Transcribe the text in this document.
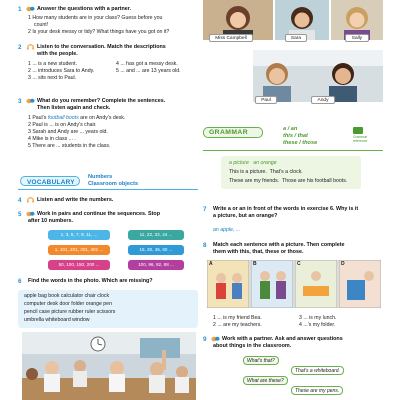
1	Answer the questions with a partner.
1 How many students are in your class? Guess before you
count!
2 Is your desk messy or tidy? What things have you got on it?
2	Listen to the conversation. Match the descriptions
with the people.
1 ... is a new student.
2 ... introduces Sara to Andy.
3 ... sits next to Paul.
4 ... has got a messy desk.
5 ... and ... are 13 years old.
3	What do you remember? Complete the sentences.
Then listen again and check.
1 Paul’s football boots are on Andy’s desk.
2 Paul is ... is on Andy’s chair.
3 Sarah and Andy are ... years old.
4 Mike is in class ... .
5 There are ... students in the class.
VOCABULARY
Numbers
Classroom objects
4	Listen and write the numbers.
5	Work in pairs and continue the sequences. Stop
after 10 numbers.
1, 3, 5, 7, 9, 11, ...	11, 22, 33, 44 ...
1, 101, 201, 301, 401 ...	15, 30, 45, 60 ...
50, 100, 150, 200 ...	100, 96, 92, 88 ...
6 Find the words in the photo. Which are missing?
apple bag book calculator chair clock
computer desk door folder orange pen
pencil case picture rubber ruler scissors
umbrella whiteboard window
Miss Campbell	Sara	Sally
Paul	Andy
GRAMMAR
a / an
this / that
these / those
Grammar reference
a picture an orange
This is a picture. That’s a clock.
These are my friends. Those are his football boots.
7 Write a or an in front of the words in exercise 6. Why is it
a picture, but an orange?
an apple, ...
8 Match each sentence with a picture. Then complete
them with this, that, these or those.
A	B	C	D
1 ... is my friend Bea.
2 ... are my teachers.
3 ... is my lunch.
4 ...’s my folder.
9	Work with a partner. Ask and answer questions
about things in the classroom.
What’s that?
That’s a whiteboard.
What are these?
These are my pens.
